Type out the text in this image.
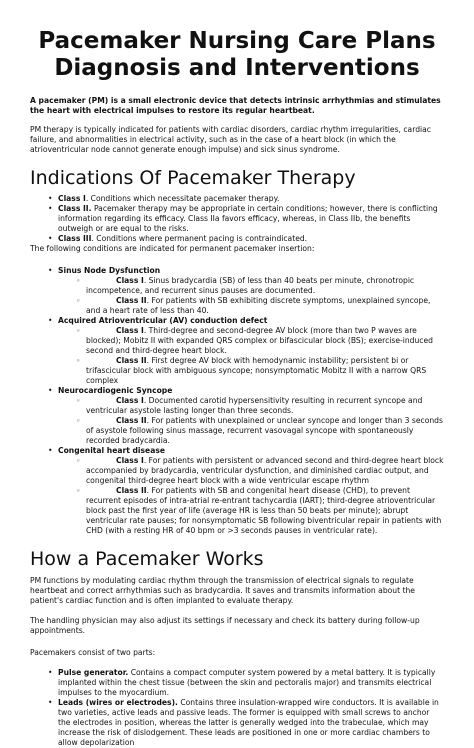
Pacemaker Nursing Care Plans
Diagnosis and Interventions

A pacemaker (PM) is a small electronic device that detects intrinsic arrhythmias and stimulates the heart with electrical impulses to restore its regular heartbeat.

PM therapy is typically indicated for patients with cardiac disorders, cardiac rhythm irregularities, cardiac failure, and abnormalities in electrical activity, such as in the case of a heart block (in which the atrioventricular node cannot generate enough impulse) and sick sinus syndrome.

Indications Of Pacemaker Therapy
• Class I. Conditions which necessitate pacemaker therapy.
• Class II. Pacemaker therapy may be appropriate in certain conditions; however, there is conflicting information regarding its efficacy. Class IIa favors efficacy, whereas, in Class IIb, the benefits outweigh or are equal to the risks.
• Class III. Conditions where permanent pacing is contraindicated.
The following conditions are indicated for permanent pacemaker insertion:
• Sinus Node Dysfunction
◦ Class I. Sinus bradycardia (SB) of less than 40 beats per minute, chronotropic incompetence, and recurrent sinus pauses are documented.
◦ Class II. For patients with SB exhibiting discrete symptoms, unexplained syncope, and a heart rate of less than 40.
• Acquired Atrioventricular (AV) conduction defect
◦ Class I. Third-degree and second-degree AV block (more than two P waves are blocked); Mobitz II with expanded QRS complex or bifascicular block (BS); exercise-induced second and third-degree heart block.
◦ Class II. First degree AV block with hemodynamic instability; persistent bi or trifascicular block with ambiguous syncope; nonsymptomatic Mobitz II with a narrow QRS complex
• Neurocardiogenic Syncope
◦ Class I. Documented carotid hypersensitivity resulting in recurrent syncope and ventricular asystole lasting longer than three seconds.
◦ Class II. For patients with unexplained or unclear syncope and longer than 3 seconds of asystole following sinus massage, recurrent vasovagal syncope with spontaneously recorded bradycardia.
• Congenital heart disease
◦ Class I. For patients with persistent or advanced second and third-degree heart block accompanied by bradycardia, ventricular dysfunction, and diminished cardiac output, and congenital third-degree heart block with a wide ventricular escape rhythm
◦ Class II. For patients with SB and congenital heart disease (CHD), to prevent recurrent episodes of intra-atrial re-entrant tachycardia (IART); third-degree atrioventricular block past the first year of life (average HR is less than 50 beats per minute); abrupt ventricular rate pauses; for nonsymptomatic SB following biventricular repair in patients with CHD (with a resting HR of 40 bpm or >3 seconds pauses in ventricular rate).
How a Pacemaker Works

PM functions by modulating cardiac rhythm through the transmission of electrical signals to regulate heartbeat and correct arrhythmias such as bradycardia. It saves and transmits information about the patient's cardiac function and is often implanted to evaluate therapy.

The handling physician may also adjust its settings if necessary and check its battery during follow-up appointments.

Pacemakers consist of two parts:

• Pulse generator. Contains a compact computer system powered by a metal battery. It is typically implanted within the chest tissue (between the skin and pectoralis major) and transmits electrical impulses to the myocardium.
• Leads (wires or electrodes). Contains three insulation-wrapped wire conductors. It is available in two varieties, active leads and passive leads. The former is equipped with small screws to anchor the electrodes in position, whereas the latter is generally wedged into the trabeculae, which may increase the risk of dislodgement. These leads are positioned in one or more cardiac chambers to allow depolarization
